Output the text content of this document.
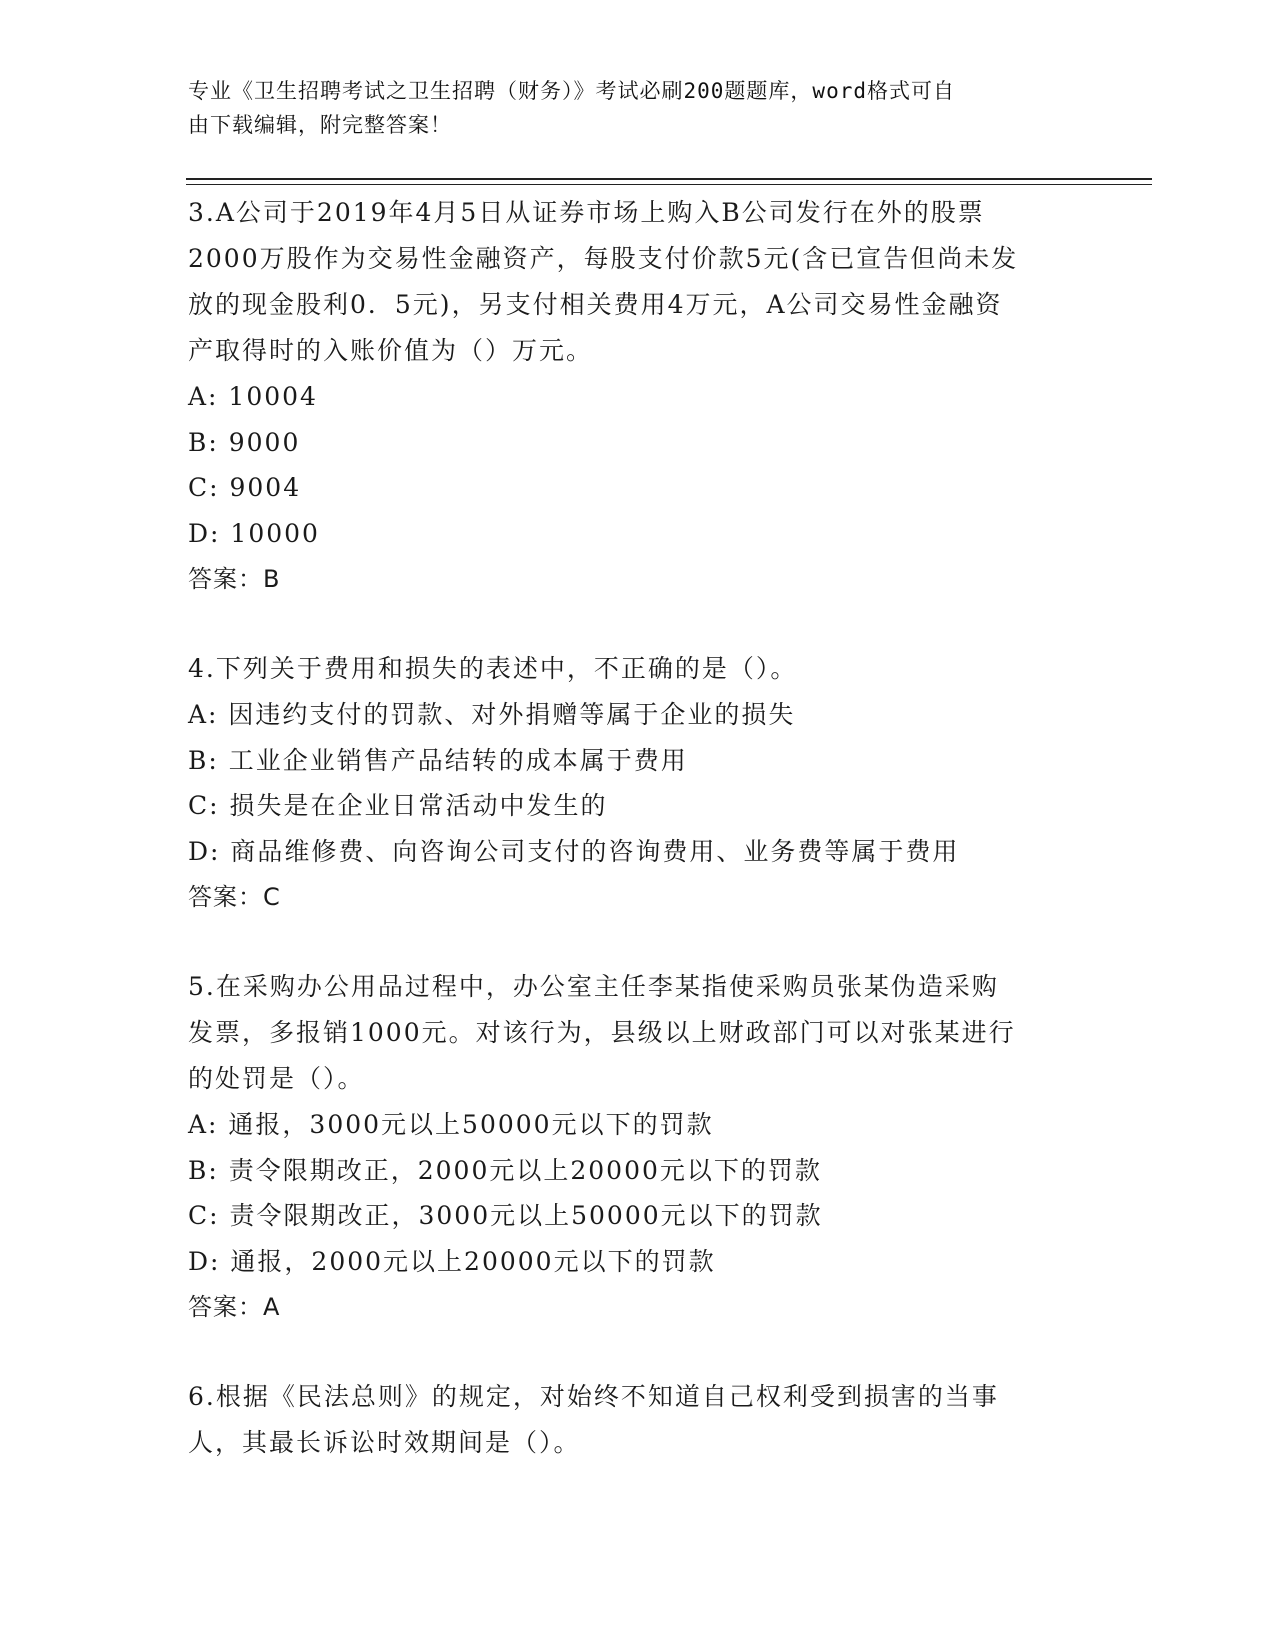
专业《卫生招聘考试之卫生招聘（财务）》考试必刷200题题库，word格式可自
由下载编辑，附完整答案！

3.A公司于2019年4月5日从证券市场上购入B公司发行在外的股票

2000万股作为交易性金融资产，每股支付价款5元(含已宣告但尚未发

放的现金股利0．5元)，另支付相关费用4万元，A公司交易性金融资

产取得时的入账价值为（）万元。

A: 10004

B: 9000

C: 9004

D: 10000

答案：B

4.下列关于费用和损失的表述中，不正确的是（）。

A: 因违约支付的罚款、对外捐赠等属于企业的损失

B: 工业企业销售产品结转的成本属于费用

C: 损失是在企业日常活动中发生的

D: 商品维修费、向咨询公司支付的咨询费用、业务费等属于费用

答案：C

5.在采购办公用品过程中，办公室主任李某指使采购员张某伪造采购

发票，多报销1000元。对该行为，县级以上财政部门可以对张某进行

的处罚是（）。

A: 通报，3000元以上50000元以下的罚款

B: 责令限期改正，2000元以上20000元以下的罚款

C: 责令限期改正，3000元以上50000元以下的罚款

D: 通报，2000元以上20000元以下的罚款

答案：A

6.根据《民法总则》的规定，对始终不知道自己权利受到损害的当事

人，其最长诉讼时效期间是（）。
